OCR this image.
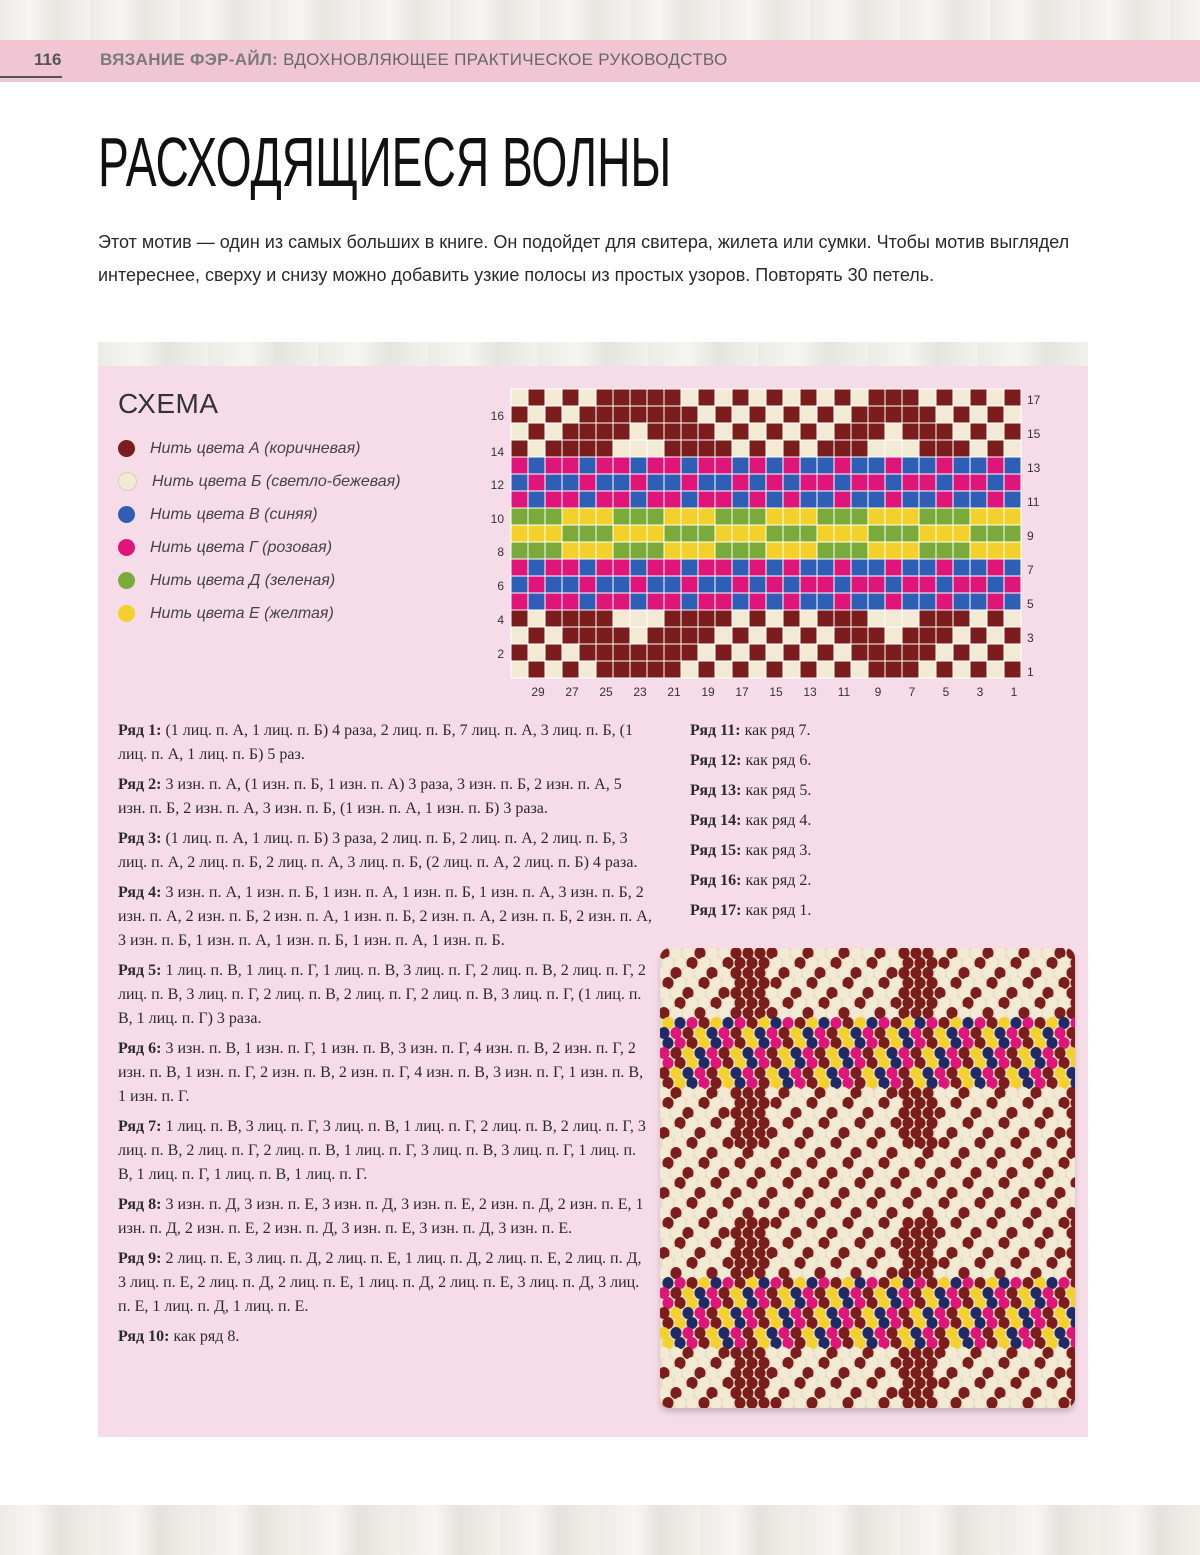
116 ВЯЗАНИЕ ФЭР-АЙЛ: ВДОХНОВЛЯЮЩЕЕ ПРАКТИЧЕСКОЕ РУКОВОДСТВО
РАСХОДЯЩИЕСЯ ВОЛНЫ

Этот мотив — один из самых больших в книге. Он подойдет для свитера, жилета или сумки. Чтобы мотив выглядел интереснее, сверху и снизу можно добавить узкие полосы из простых узоров. Повторять 30 петель.

СХЕМА
Нить цвета А (коричневая)
Нить цвета Б (светло-бежевая)
Нить цвета В (синяя)
Нить цвета Г (розовая)
Нить цвета Д (зеленая)
Нить цвета Е (желтая)
16
14
12
10
8
6
4
2
17
15
13
11
9
7
5
3
1
29 27 25 23 21 19 17 15 13 11 9 7 5 3 1

Ряд 1: (1 лиц. п. А, 1 лиц. п. Б) 4 раза, 2 лиц. п. Б, 7 лиц. п. А, 3 лиц. п. Б, (1 лиц. п. А, 1 лиц. п. Б) 5 раз.

Ряд 2: 3 изн. п. А, (1 изн. п. Б, 1 изн. п. А) 3 раза, 3 изн. п. Б, 2 изн. п. А, 5 изн. п. Б, 2 изн. п. А, 3 изн. п. Б, (1 изн. п. А, 1 изн. п. Б) 3 раза.

Ряд 3: (1 лиц. п. А, 1 лиц. п. Б) 3 раза, 2 лиц. п. Б, 2 лиц. п. А, 2 лиц. п. Б, 3 лиц. п. А, 2 лиц. п. Б, 2 лиц. п. А, 3 лиц. п. Б, (2 лиц. п. А, 2 лиц. п. Б) 4 раза.

Ряд 4: 3 изн. п. А, 1 изн. п. Б, 1 изн. п. А, 1 изн. п. Б, 1 изн. п. А, 3 изн. п. Б, 2 изн. п. А, 2 изн. п. Б, 2 изн. п. А, 1 изн. п. Б, 2 изн. п. А, 2 изн. п. Б, 2 изн. п. А, 3 изн. п. Б, 1 изн. п. А, 1 изн. п. Б, 1 изн. п. А, 1 изн. п. Б.

Ряд 5: 1 лиц. п. В, 1 лиц. п. Г, 1 лиц. п. В, 3 лиц. п. Г, 2 лиц. п. В, 2 лиц. п. Г, 2 лиц. п. В, 3 лиц. п. Г, 2 лиц. п. В, 2 лиц. п. Г, 2 лиц. п. В, 3 лиц. п. Г, (1 лиц. п. В, 1 лиц. п. Г) 3 раза.

Ряд 6: 3 изн. п. В, 1 изн. п. Г, 1 изн. п. В, 3 изн. п. Г, 4 изн. п. В, 2 изн. п. Г, 2 изн. п. В, 1 изн. п. Г, 2 изн. п. В, 2 изн. п. Г, 4 изн. п. В, 3 изн. п. Г, 1 изн. п. В, 1 изн. п. Г.

Ряд 7: 1 лиц. п. В, 3 лиц. п. Г, 3 лиц. п. В, 1 лиц. п. Г, 2 лиц. п. В, 2 лиц. п. Г, 3 лиц. п. В, 2 лиц. п. Г, 2 лиц. п. В, 1 лиц. п. Г, 3 лиц. п. В, 3 лиц. п. Г, 1 лиц. п. В, 1 лиц. п. Г, 1 лиц. п. В, 1 лиц. п. Г.

Ряд 8: 3 изн. п. Д, 3 изн. п. Е, 3 изн. п. Д, 3 изн. п. Е, 2 изн. п. Д, 2 изн. п. Е, 1 изн. п. Д, 2 изн. п. Е, 2 изн. п. Д, 3 изн. п. Е, 3 изн. п. Д, 3 изн. п. Е.

Ряд 9: 2 лиц. п. Е, 3 лиц. п. Д, 2 лиц. п. Е, 1 лиц. п. Д, 2 лиц. п. Е, 2 лиц. п. Д, 3 лиц. п. Е, 2 лиц. п. Д, 2 лиц. п. Е, 1 лиц. п. Д, 2 лиц. п. Е, 3 лиц. п. Д, 3 лиц. п. Е, 1 лиц. п. Д, 1 лиц. п. Е.

Ряд 10: как ряд 8.

Ряд 11: как ряд 7.

Ряд 12: как ряд 6.

Ряд 13: как ряд 5.

Ряд 14: как ряд 4.

Ряд 15: как ряд 3.

Ряд 16: как ряд 2.

Ряд 17: как ряд 1.
